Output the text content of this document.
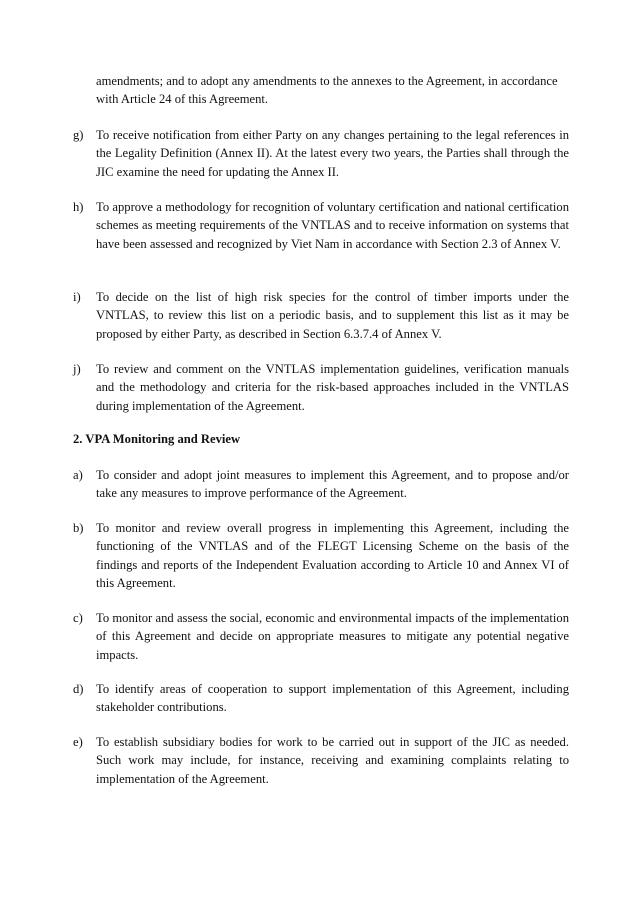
amendments; and to adopt any amendments to the annexes to the Agreement, in accordance with Article 24 of this Agreement.
g) To receive notification from either Party on any changes pertaining to the legal references in the Legality Definition (Annex II). At the latest every two years, the Parties shall through the JIC examine the need for updating the Annex II.
h) To approve a methodology for recognition of voluntary certification and national certification schemes as meeting requirements of the VNTLAS and to receive information on systems that have been assessed and recognized by Viet Nam in accordance with Section 2.3 of Annex V.
i)	To decide on the list of high risk species for the control of timber imports under the VNTLAS, to review this list on a periodic basis, and to supplement this list as it may be proposed by either Party, as described in Section 6.3.7.4 of Annex V.
j)	To review and comment on the VNTLAS implementation guidelines, verification manuals and the methodology and criteria for the risk-based approaches included in the VNTLAS during implementation of the Agreement.
2. VPA Monitoring and Review
a)	To consider and adopt joint measures to implement this Agreement, and to propose and/or take any measures to improve performance of the Agreement.
b) To monitor and review overall progress in implementing this Agreement, including the functioning of the VNTLAS and of the FLEGT Licensing Scheme on the basis of the findings and reports of the Independent Evaluation according to Article 10 and Annex VI of this Agreement.
c)	To monitor and assess the social, economic and environmental impacts of the implementation of this Agreement and decide on appropriate measures to mitigate any potential negative impacts.
d) To identify areas of cooperation to support implementation of this Agreement, including stakeholder contributions.
e)	To establish subsidiary bodies for work to be carried out in support of the JIC as needed. Such work may include, for instance, receiving and examining complaints relating to implementation of the Agreement.
